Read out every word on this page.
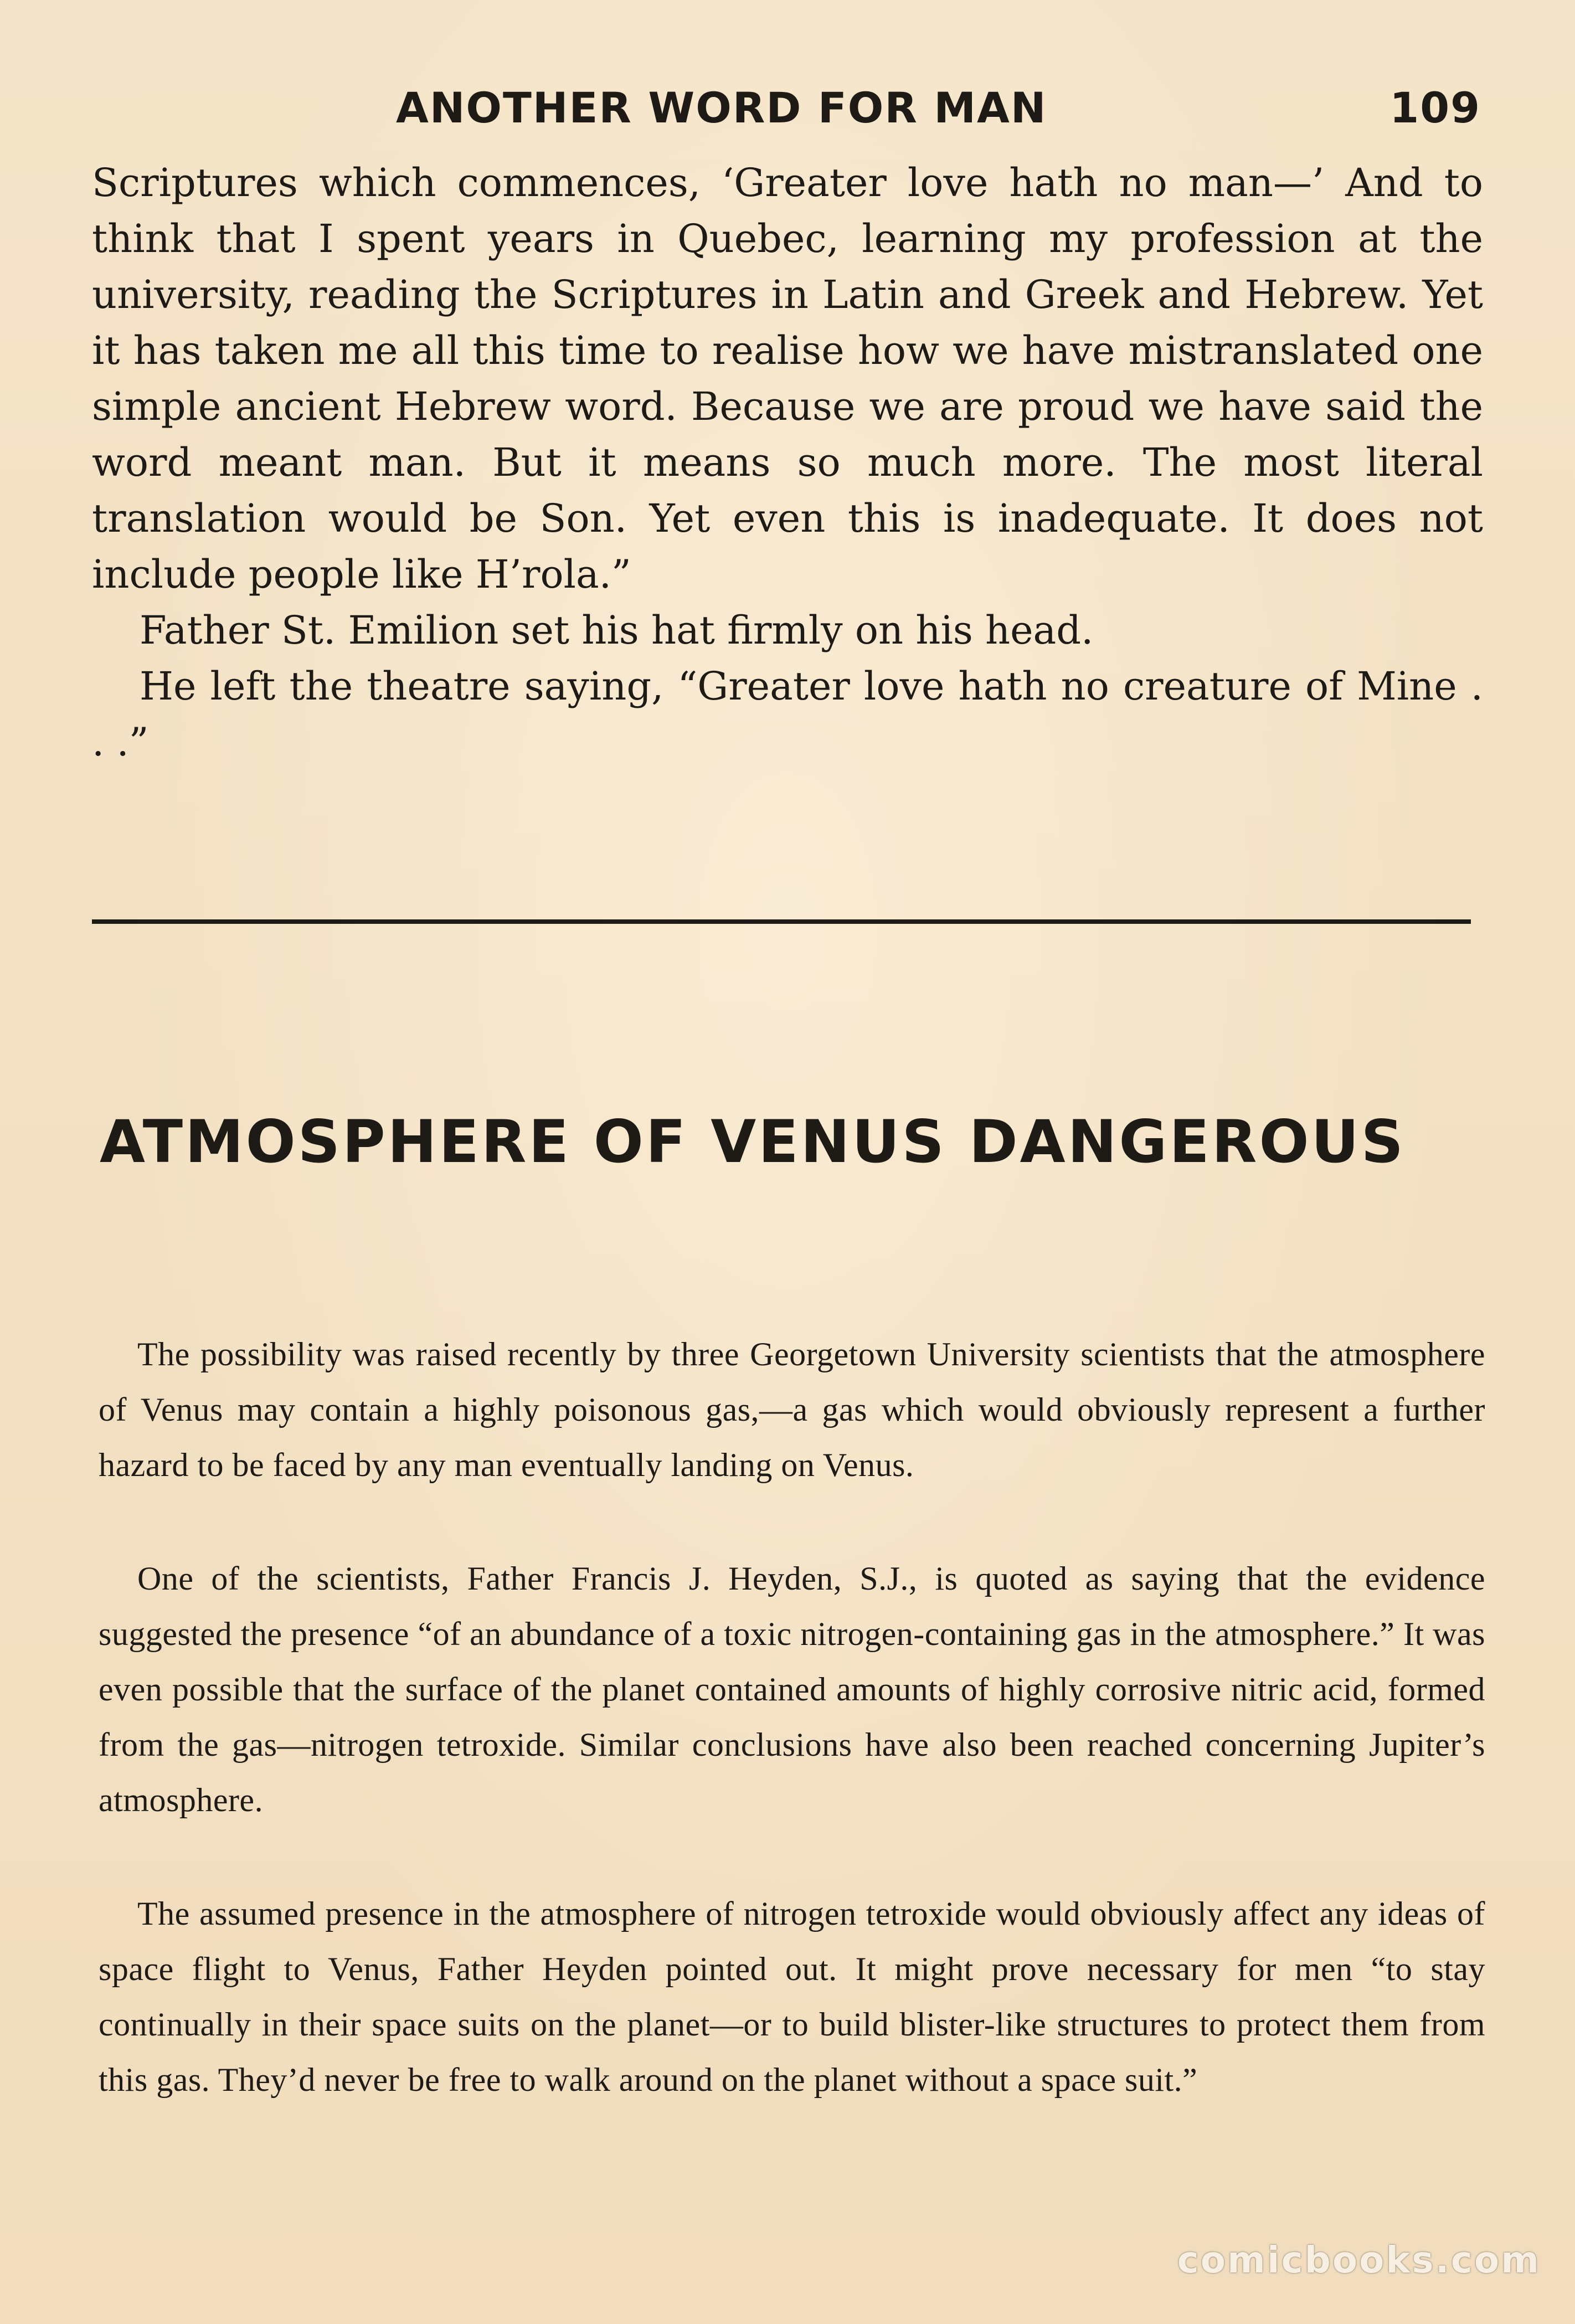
ANOTHER WORD FOR MAN	109

Scriptures which commences, ‘Greater love hath no man—’ And to think that I spent years in Quebec, learning my profession at the university, reading the Scriptures in Latin and Greek and Hebrew. Yet it has taken me all this time to realise how we have mistranslated one simple ancient Hebrew word. Because we are proud we have said the word meant man. But it means so much more. The most literal translation would be Son. Yet even this is inadequate. It does not include people like H’rola.”

Father St. Emilion set his hat firmly on his head.

He left the theatre saying, “Greater love hath no creature of Mine . . .”

ATMOSPHERE OF VENUS DANGEROUS

The possibility was raised recently by three Georgetown University scientists that the atmosphere of Venus may contain a highly poisonous gas,—a gas which would obviously represent a further hazard to be faced by any man eventually landing on Venus.

One of the scientists, Father Francis J. Heyden, S.J., is quoted as saying that the evidence suggested the presence “of an abundance of a toxic nitrogen-containing gas in the atmosphere.” It was even possible that the surface of the planet contained amounts of highly corrosive nitric acid, formed from the gas—nitrogen tetroxide. Similar conclusions have also been reached concerning Jupiter’s atmosphere.

The assumed presence in the atmosphere of nitrogen tetroxide would obviously affect any ideas of space flight to Venus, Father Heyden pointed out. It might prove necessary for men “to stay continually in their space suits on the planet—or to build blister-like structures to protect them from this gas. They’d never be free to walk around on the planet without a space suit.”

comicbooks.com
